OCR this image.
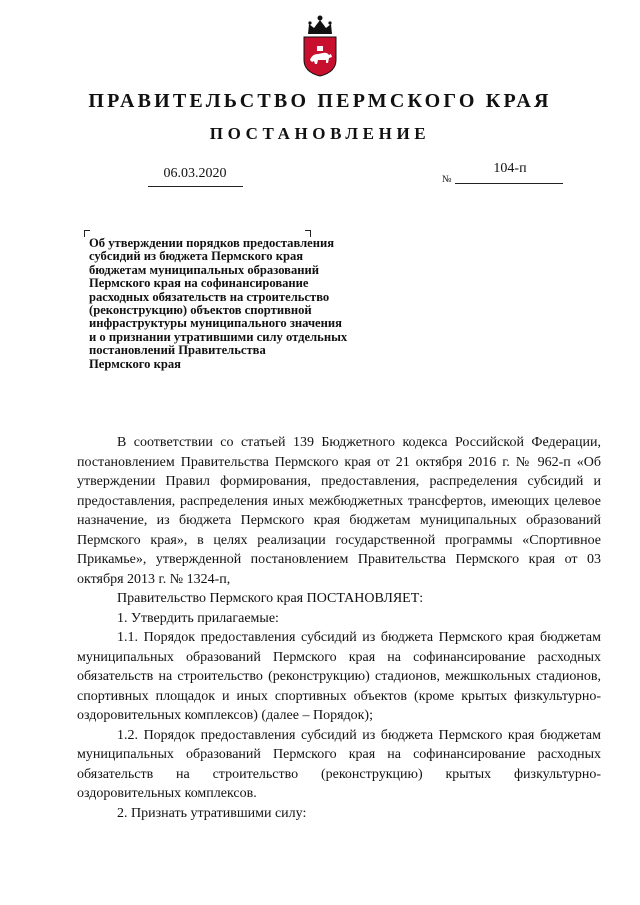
ПРАВИТЕЛЬСТВО ПЕРМСКОГО КРАЯ
ПОСТАНОВЛЕНИЕ
06.03.2020	№
104-п
Об утверждении порядков предоставления
субсидий из бюджета Пермского края
бюджетам муниципальных образований
Пермского края на софинансирование
расходных обязательств на строительство
(реконструкцию) объектов спортивной
инфраструктуры муниципального значения
и о признании утратившими силу отдельных
постановлений Правительства
Пермского края

В соответствии со статьей 139 Бюджетного кодекса Российской Федерации, постановлением Правительства Пермского края от 21 октября 2016 г. № 962-п «Об утверждении Правил формирования, предоставления, распределения субсидий и предоставления, распределения иных межбюджетных трансфертов, имеющих целевое назначение, из бюджета Пермского края бюджетам муниципальных образований Пермского края», в целях реализации государственной программы «Спортивное Прикамье», утвержденной постановлением Правительства Пермского края от 03 октября 2013 г. № 1324-п,

Правительство Пермского края ПОСТАНОВЛЯЕТ:

1. Утвердить прилагаемые:

1.1. Порядок предоставления субсидий из бюджета Пермского края бюджетам муниципальных образований Пермского края на софинансирование расходных обязательств на строительство (реконструкцию) стадионов, межшкольных стадионов, спортивных площадок и иных спортивных объектов (кроме крытых физкультурно-оздоровительных комплексов) (далее – Порядок);

1.2. Порядок предоставления субсидий из бюджета Пермского края бюджетам муниципальных образований Пермского края на софинансирование расходных обязательств на строительство (реконструкцию) крытых физкультурно-оздоровительных комплексов.

2. Признать утратившими силу:
